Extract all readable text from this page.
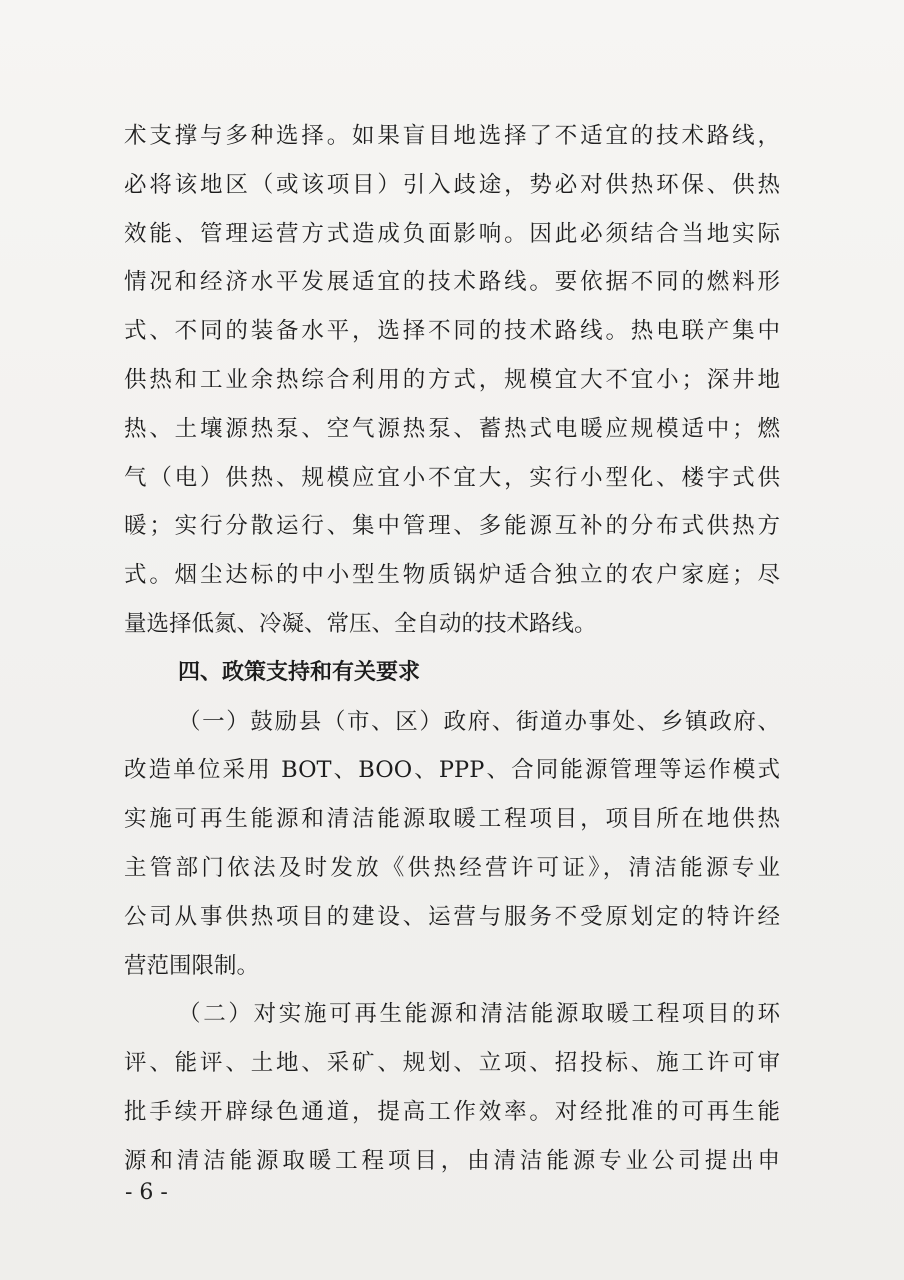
术支撑与多种选择。如果盲目地选择了不适宜的技术路线，
必将该地区（或该项目）引入歧途，势必对供热环保、供热
效能、管理运营方式造成负面影响。因此必须结合当地实际
情况和经济水平发展适宜的技术路线。要依据不同的燃料形
式、不同的装备水平，选择不同的技术路线。热电联产集中
供热和工业余热综合利用的方式，规模宜大不宜小；深井地
热、土壤源热泵、空气源热泵、蓄热式电暖应规模适中；燃
气（电）供热、规模应宜小不宜大，实行小型化、楼宇式供
暖；实行分散运行、集中管理、多能源互补的分布式供热方
式。烟尘达标的中小型生物质锅炉适合独立的农户家庭；尽
量选择低氮、冷凝、常压、全自动的技术路线。
四、政策支持和有关要求
（一）鼓励县（市、区）政府、街道办事处、乡镇政府、
改造单位采用 BOT、BOO、PPP、合同能源管理等运作模式
实施可再生能源和清洁能源取暖工程项目，项目所在地供热
主管部门依法及时发放《供热经营许可证》，清洁能源专业
公司从事供热项目的建设、运营与服务不受原划定的特许经
营范围限制。
（二）对实施可再生能源和清洁能源取暖工程项目的环
评、能评、土地、采矿、规划、立项、招投标、施工许可审
批手续开辟绿色通道，提高工作效率。对经批准的可再生能
源和清洁能源取暖工程项目，由清洁能源专业公司提出申
- 6 -
